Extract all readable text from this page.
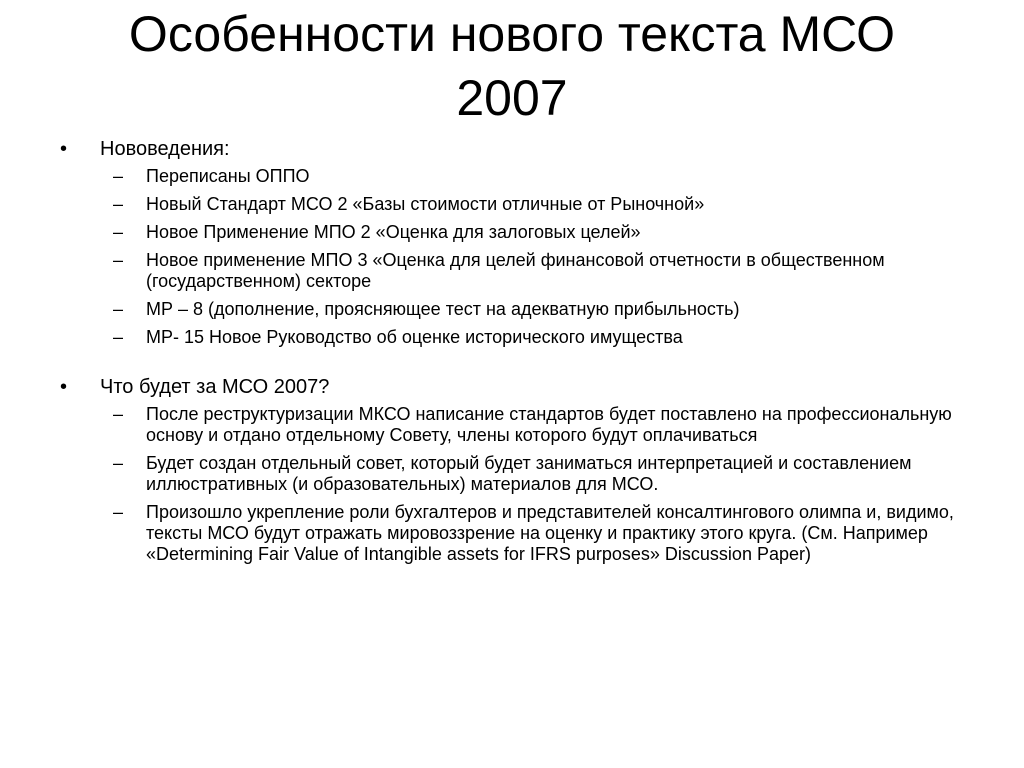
Особенности нового текста МСО
2007

•	Нововедения:

– Переписаны ОППО

– Новый Стандарт МСО 2 «Базы стоимости отличные от Рыночной»

– Новое Применение МПО 2 «Оценка для залоговых целей»

– Новое применение МПО 3 «Оценка для целей финансовой отчетности в общественном (государственном) секторе

– МР – 8 (дополнение, проясняющее тест на адекватную прибыльность)

– МР- 15 Новое Руководство об оценке исторического имущества

•	Что будет за МСО 2007?

– После реструктуризации МКСО написание стандартов будет поставлено на профессиональную основу и отдано отдельному Совету, члены которого будут оплачиваться

– Будет создан отдельный совет, который будет заниматься интерпретацией и составлением иллюстративных (и образовательных) материалов для МСО.

– Произошло укрепление роли бухгалтеров и представителей консалтингового олимпа и, видимо, тексты МСО будут отражать мировоззрение на оценку и практику этого круга. (См. Например «Determining Fair Value of Intangible assets for IFRS purposes» Discussion Paper)
